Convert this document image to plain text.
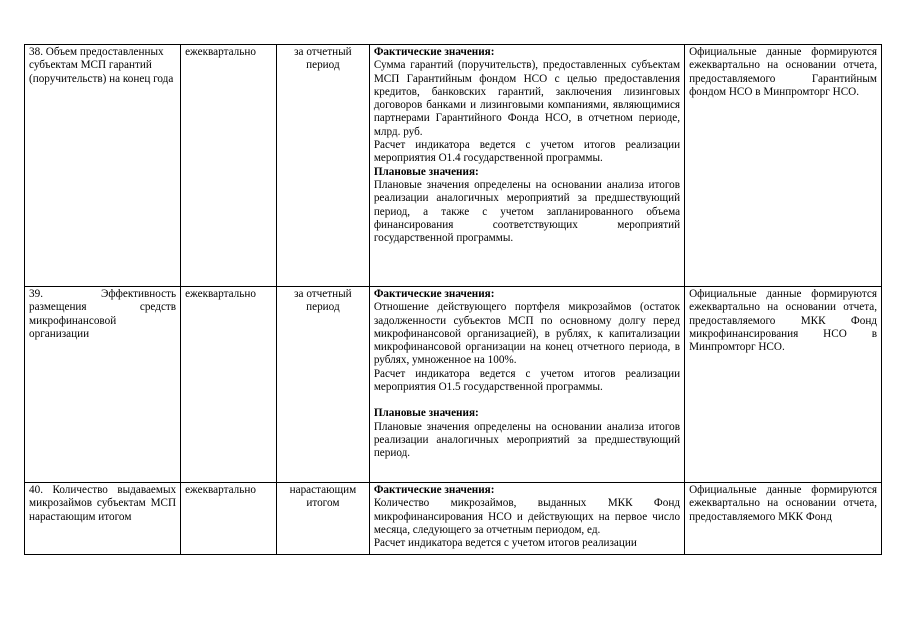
38. Объем предоставленных субъектам МСП гарантий (поручительств) на конец года	ежеквартально	за отчетный период	Фактические значения:

Сумма гарантий (поручительств), предоставленных субъектам МСП Гарантийным фондом НСО с целью предоставления кредитов, банковских гарантий, заключения лизинговых договоров банками и лизинговыми компаниями, являющимися партнерами Гарантийного Фонда НСО, в отчетном периоде, млрд. руб.

Расчет индикатора ведется с учетом итогов реализации мероприятия О1.4 государственной программы.

Плановые значения:

Плановые значения определены на основании анализа итогов реализации аналогичных мероприятий за предшествующий период, а также с учетом запланированного объема финансирования соответствующих мероприятий государственной программы.	Официальные данные формируются ежеквартально на основании отчета, предоставляемого Гарантийным фондом НСО в Минпромторг НСО.

39. Эффективность размещения средств микрофинансовой организации	ежеквартально	за отчетный период	Фактические значения:

Отношение действующего портфеля микрозаймов (остаток задолженности субъектов МСП по основному долгу перед микрофинансовой организацией), в рублях, к капитализации микрофинансовой организации на конец отчетного периода, в рублях, умноженное на 100%.

Расчет индикатора ведется с учетом итогов реализации мероприятия О1.5 государственной программы.

Плановые значения:

Плановые значения определены на основании анализа итогов реализации аналогичных мероприятий за предшествующий период.	Официальные данные формируются ежеквартально на основании отчета, предоставляемого МКК Фонд микрофинансирования НСО в Минпромторг НСО.

40. Количество выдаваемых микрозаймов субъектам МСП нарастающим итогом	ежеквартально	нарастающим итогом	Фактические значения:

Количество микрозаймов, выданных МКК Фонд микрофинансирования НСО и действующих на первое число месяца, следующего за отчетным периодом, ед.

Расчет индикатора ведется с учетом итогов реализации	Официальные данные формируются ежеквартально на основании отчета, предоставляемого МКК Фонд
